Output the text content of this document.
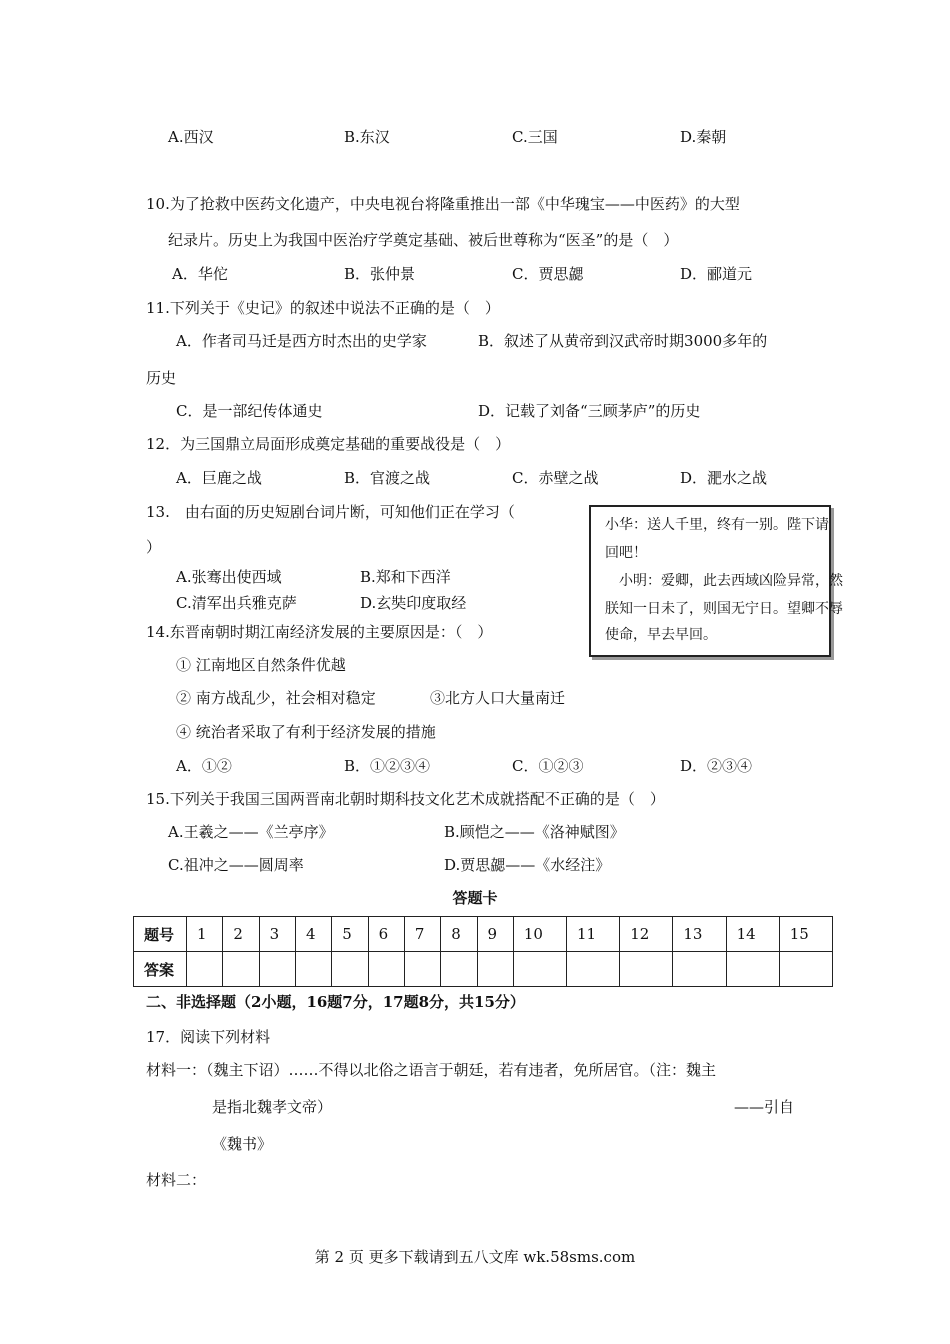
A.西汉	B.东汉	C.三国	D.秦朝
10.为了抢救中医药文化遗产，中央电视台将隆重推出一部《中华瑰宝——中医药》的大型
纪录片。历史上为我国中医治疗学奠定基础、被后世尊称为“医圣”的是（　）
A．华佗	B．张仲景	C．贾思勰	D．郦道元
11.下列关于《史记》的叙述中说法不正确的是（　）
A．作者司马迁是西方时杰出的史学家	B．叙述了从黄帝到汉武帝时期3000多年的
历史
C．是一部纪传体通史	D．记载了刘备“三顾茅庐”的历史
12．为三国鼎立局面形成奠定基础的重要战役是（　）
A．巨鹿之战	B．官渡之战	C．赤壁之战	D．淝水之战
13.　由右面的历史短剧台词片断，可知他们正在学习（
）
A.张骞出使西域	B.郑和下西洋
C.清军出兵雅克萨	D.玄奘印度取经
小华：送人千里，终有一别。陛下请
回吧！
　小明：爱卿，此去西域凶险异常，然
朕知一日未了，则国无宁日。望卿不辱
使命，早去早回。
14.东晋南朝时期江南经济发展的主要原因是：（　）
① 江南地区自然条件优越
② 南方战乱少，社会相对稳定	③北方人口大量南迁
④ 统治者采取了有利于经济发展的措施
A．①②	B．①②③④	C．①②③	D．②③④
15.下列关于我国三国两晋南北朝时期科技文化艺术成就搭配不正确的是（　）
A.王羲之——《兰亭序》	B.顾恺之——《洛神赋图》
C.祖冲之——圆周率	D.贾思勰——《水经注》
答题卡
题号	1	2	3	4	5	6	7	8	9	10	11	12	13	14	15
答案															
二、非选择题（2小题，16题7分，17题8分，共15分）
17．阅读下列材料
材料一：（魏主下诏）……不得以北俗之语言于朝廷，若有违者，免所居官。（注：魏主
是指北魏孝文帝）	——引自
《魏书》
材料二：
第 2 页 更多下载请到五八文库 wk.58sms.com
